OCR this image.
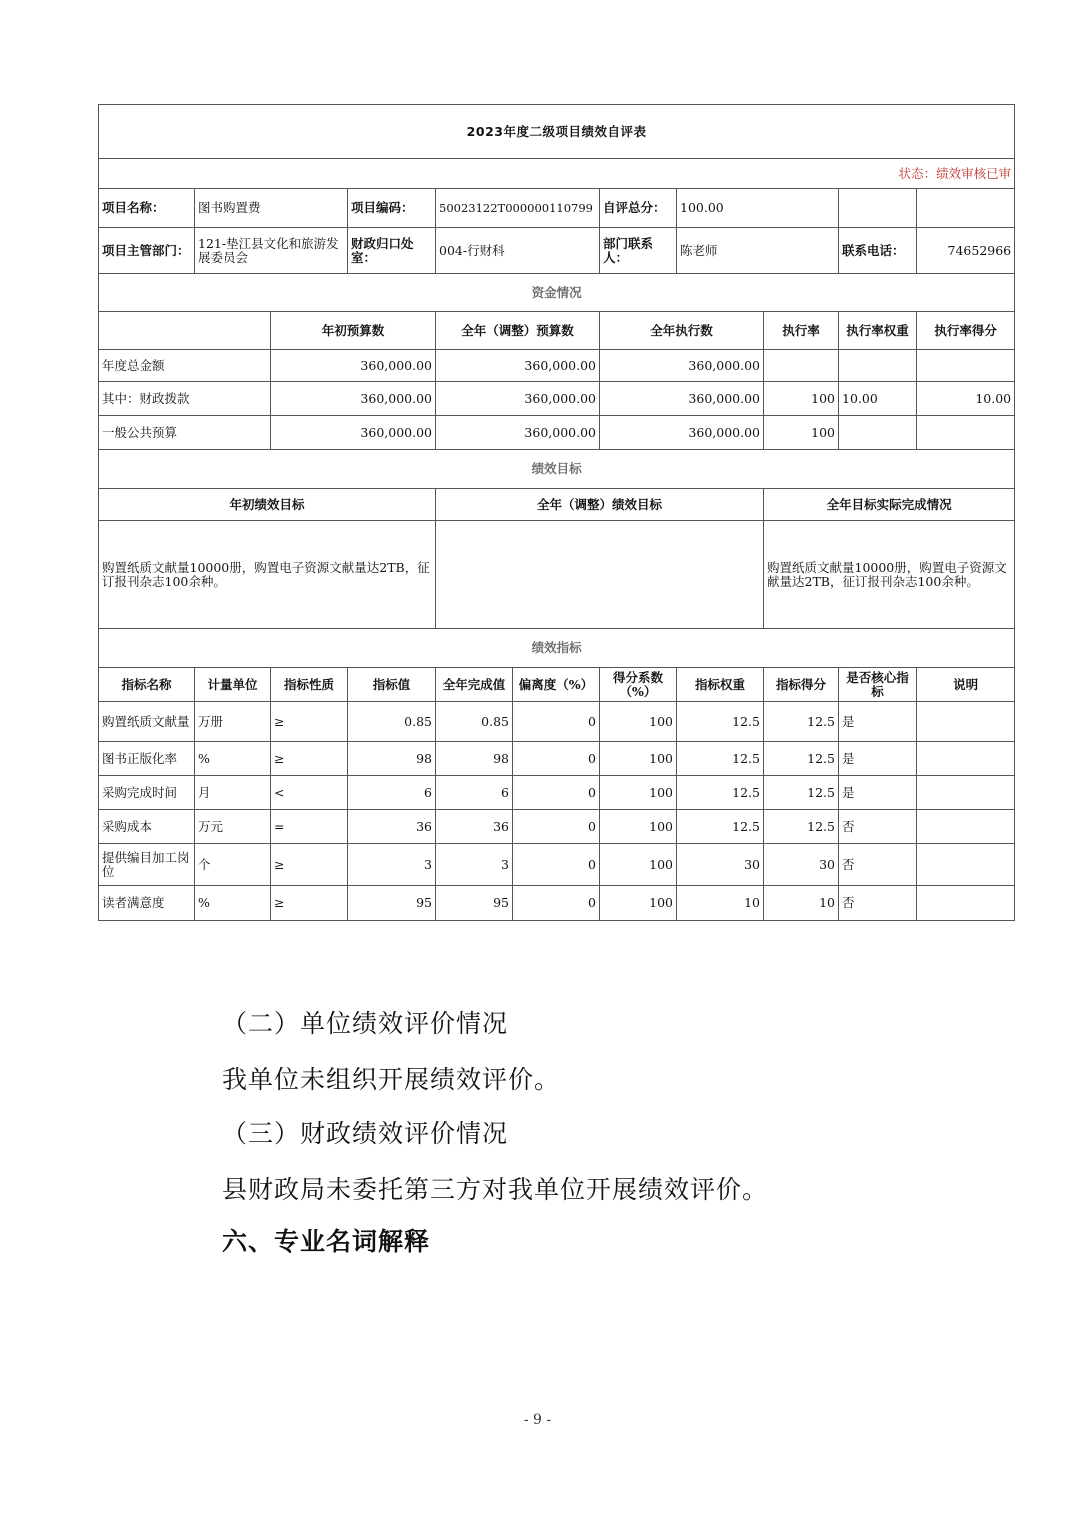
2023年度二级项目绩效自评表										
状态：绩效审核已审										
项目名称：	图书购置费		项目编码：	50023122T000000110799		自评总分：	100.00			
项目主管部门：	121-垫江县文化和旅游发展委员会		财政归口处室：	004-行财科		部门联系人：	陈老师		联系电话：	74652966
资金情况										
		年初预算数		全年（调整）预算数		全年执行数		执行率	执行率权重	执行率得分
年度总金额		360,000.00		360,000.00		360,000.00				
其中：财政拨款		360,000.00		360,000.00		360,000.00		100	10.00	10.00
一般公共预算		360,000.00		360,000.00		360,000.00		100		
绩效目标										
年初绩效目标				全年（调整）绩效目标				全年目标实际完成情况		
购置纸质文献量10000册，购置电子资源文献量达2TB，征订报刊杂志100余种。								购置纸质文献量10000册，购置电子资源文献量达2TB，征订报刊杂志100余种。		
绩效指标										
指标名称	计量单位	指标性质	指标值	全年完成值	偏离度（%）	得分系数（%）	指标权重	指标得分	是否核心指标	说明
购置纸质文献量	万册	≥	0.85	0.85	0	100	12.5	12.5	是	
图书正版化率	%	≥	98	98	0	100	12.5	12.5	是	
采购完成时间	月	<	6	6	0	100	12.5	12.5	是	
采购成本	万元	=	36	36	0	100	12.5	12.5	否	
提供编目加工岗位	个	≥	3	3	0	100	30	30	否	
读者满意度	%	≥	95	95	0	100	10	10	否	
（二）单位绩效评价情况
我单位未组织开展绩效评价。
（三）财政绩效评价情况
县财政局未委托第三方对我单位开展绩效评价。
六、专业名词解释
- 9 -
